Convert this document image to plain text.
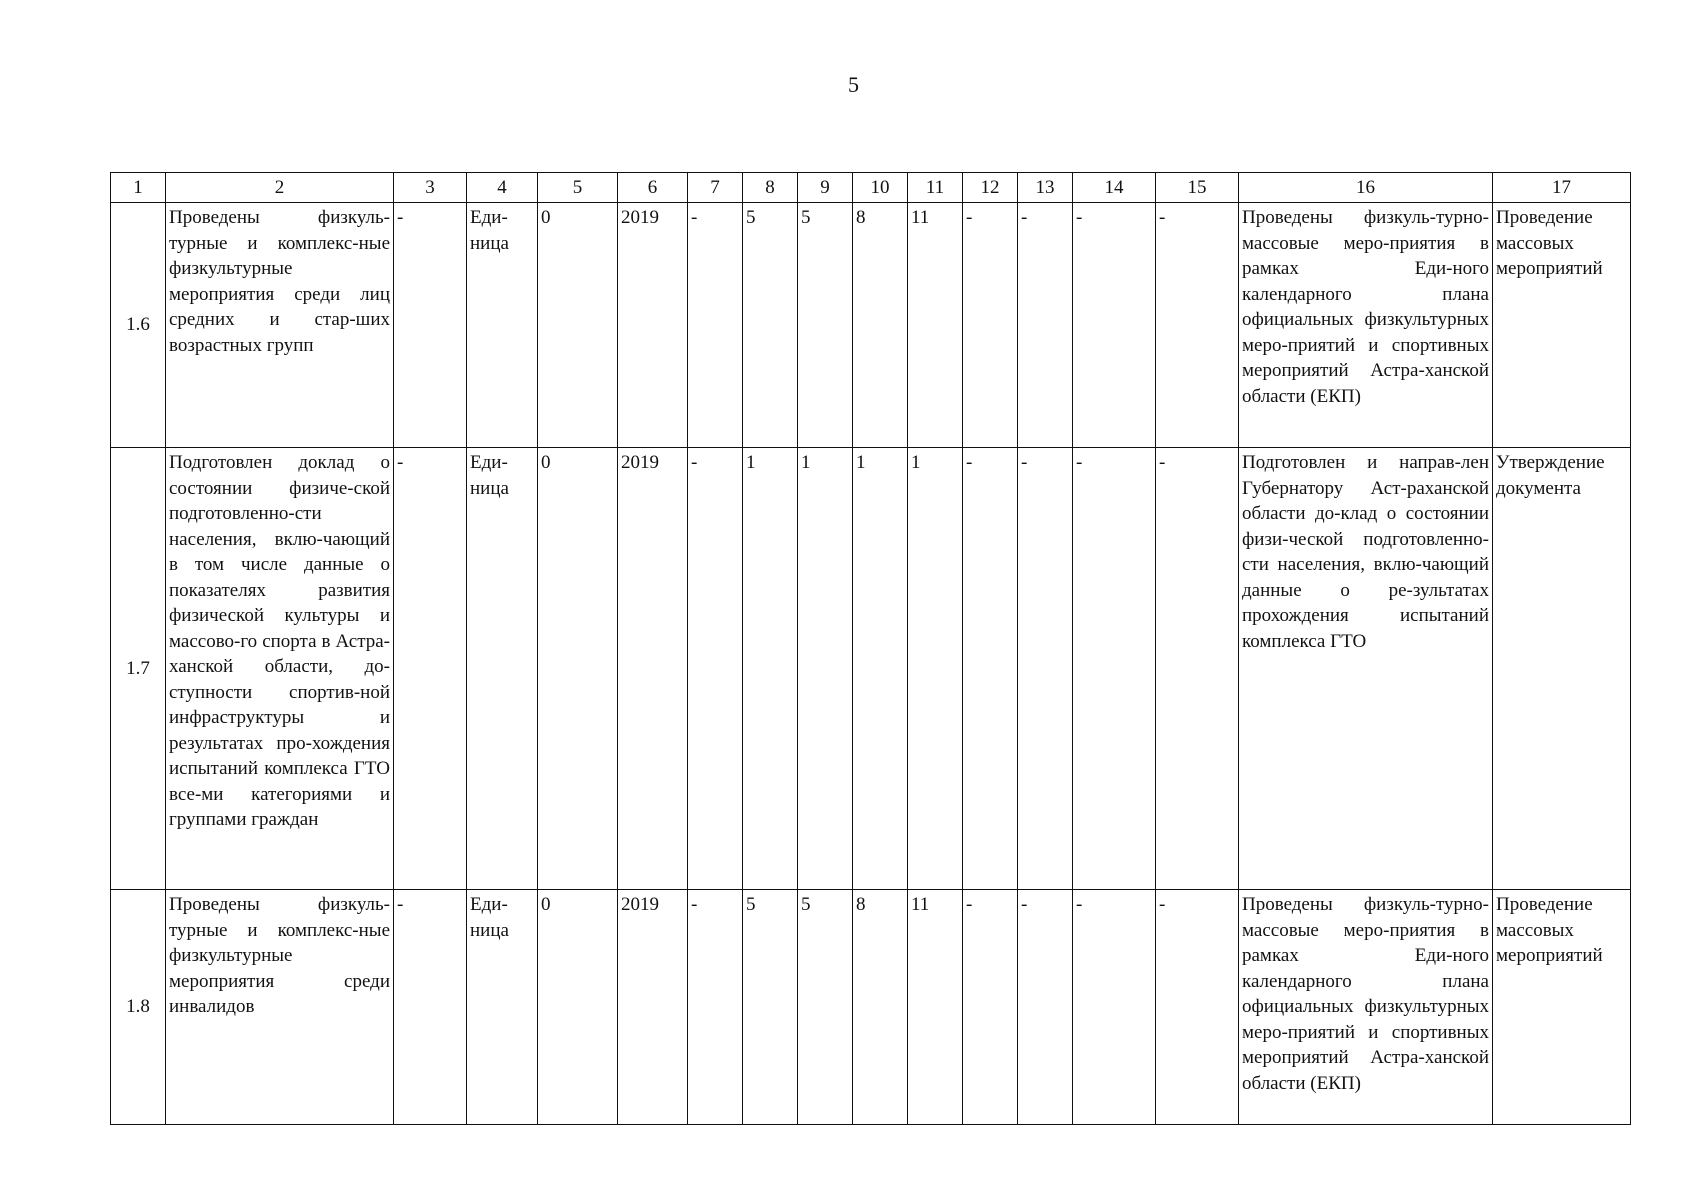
5
1	2	3	4	5	6	7	8	9	10	11	12	13	14	15	16	17
1.6	Проведены физкуль-турные и комплекс-ные физкультурные мероприятия среди лиц средних и стар-ших возрастных групп	-	Еди-ница	0	2019	-	5	5	8	11	-	-	-	-	Проведены физкуль-турно-массовые меро-приятия в рамках Еди-ного календарного плана официальных физкультурных меро-приятий и спортивных мероприятий Астра-ханской области (ЕКП)	Проведение массовых мероприятий
1.7	Подготовлен доклад о состоянии физиче-ской подготовленно-сти населения, вклю-чающий в том числе данные о показателях развития физической культуры и массово-го спорта в Астра-ханской области, до-ступности спортив-ной инфраструктуры и результатах про-хождения испытаний комплекса ГТО все-ми категориями и группами граждан	-	Еди-ница	0	2019	-	1	1	1	1	-	-	-	-	Подготовлен и направ-лен Губернатору Аст-раханской области до-клад о состоянии физи-ческой подготовленно-сти населения, вклю-чающий данные о ре-зультатах прохождения испытаний комплекса ГТО	Утверждение документа
1.8	Проведены физкуль-турные и комплекс-ные физкультурные мероприятия среди инвалидов	-	Еди-ница	0	2019	-	5	5	8	11	-	-	-	-	Проведены физкуль-турно-массовые меро-приятия в рамках Еди-ного календарного плана официальных физкультурных меро-приятий и спортивных мероприятий Астра-ханской области (ЕКП)	Проведение массовых мероприятий
